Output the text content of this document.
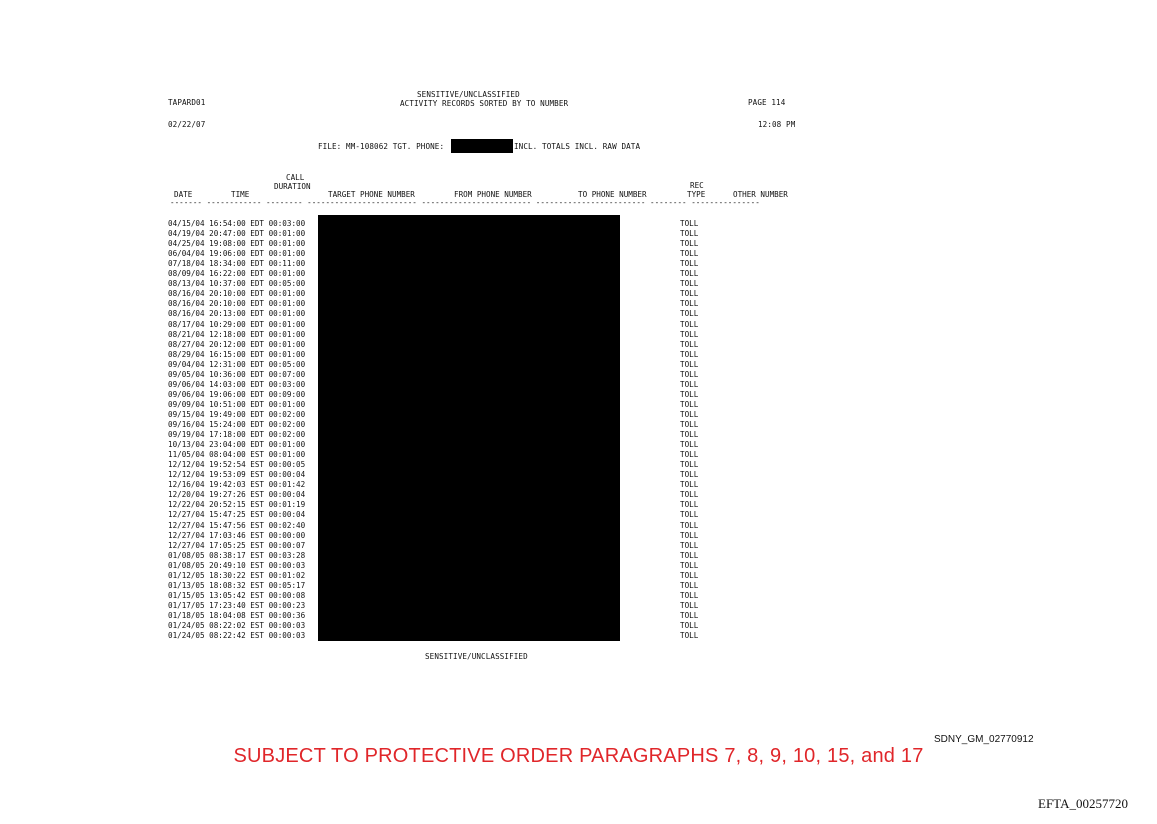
SENSITIVE/UNCLASSIFIED
TAPARD01	ACTIVITY RECORDS SORTED BY TO NUMBER	PAGE 114
02/22/07	12:08 PM
FILE: MM-108062 TGT. PHONE:	INCL. TOTALS INCL. RAW DATA
CALL
DURATION
DATE	TIME	TARGET PHONE NUMBER	FROM PHONE NUMBER	TO PHONE NUMBER
REC
TYPE	OTHER NUMBER
------- ------------ -------- ------------------------ ------------------------ ------------------------ -------- ---------------
04/15/04 16:54:00 EDT 00:03:00	TOLL
04/19/04 20:47:00 EDT 00:01:00	TOLL
04/25/04 19:08:00 EDT 00:01:00	TOLL
06/04/04 19:06:00 EDT 00:01:00	TOLL
07/18/04 18:34:00 EDT 00:11:00	TOLL
08/09/04 16:22:00 EDT 00:01:00	TOLL
08/13/04 10:37:00 EDT 00:05:00	TOLL
08/16/04 20:10:00 EDT 00:01:00	TOLL
08/16/04 20:10:00 EDT 00:01:00	TOLL
08/16/04 20:13:00 EDT 00:01:00	TOLL
08/17/04 10:29:00 EDT 00:01:00	TOLL
08/21/04 12:18:00 EDT 00:01:00	TOLL
08/27/04 20:12:00 EDT 00:01:00	TOLL
08/29/04 16:15:00 EDT 00:01:00	TOLL
09/04/04 12:31:00 EDT 00:05:00	TOLL
09/05/04 10:36:00 EDT 00:07:00	TOLL
09/06/04 14:03:00 EDT 00:03:00	TOLL
09/06/04 19:06:00 EDT 00:09:00	TOLL
09/09/04 10:51:00 EDT 00:01:00	TOLL
09/15/04 19:49:00 EDT 00:02:00	TOLL
09/16/04 15:24:00 EDT 00:02:00	TOLL
09/19/04 17:18:00 EDT 00:02:00	TOLL
10/13/04 23:04:00 EDT 00:01:00	TOLL
11/05/04 08:04:00 EST 00:01:00	TOLL
12/12/04 19:52:54 EST 00:00:05	TOLL
12/12/04 19:53:09 EST 00:00:04	TOLL
12/16/04 19:42:03 EST 00:01:42	TOLL
12/20/04 19:27:26 EST 00:00:04	TOLL
12/22/04 20:52:15 EST 00:01:19	TOLL
12/27/04 15:47:25 EST 00:00:04	TOLL
12/27/04 15:47:56 EST 00:02:40	TOLL
12/27/04 17:03:46 EST 00:00:00	TOLL
12/27/04 17:05:25 EST 00:00:07	TOLL
01/08/05 08:38:17 EST 00:03:28	TOLL
01/08/05 20:49:10 EST 00:00:03	TOLL
01/12/05 18:30:22 EST 00:01:02	TOLL
01/13/05 18:08:32 EST 00:05:17	TOLL
01/15/05 13:05:42 EST 00:00:08	TOLL
01/17/05 17:23:40 EST 00:00:23	TOLL
01/18/05 18:04:08 EST 00:00:36	TOLL
01/24/05 08:22:02 EST 00:00:03	TOLL
01/24/05 08:22:42 EST 00:00:03	TOLL
SENSITIVE/UNCLASSIFIED
SDNY_GM_02770912
SUBJECT TO PROTECTIVE ORDER PARAGRAPHS 7, 8, 9, 10, 15, and 17
EFTA_00257720
